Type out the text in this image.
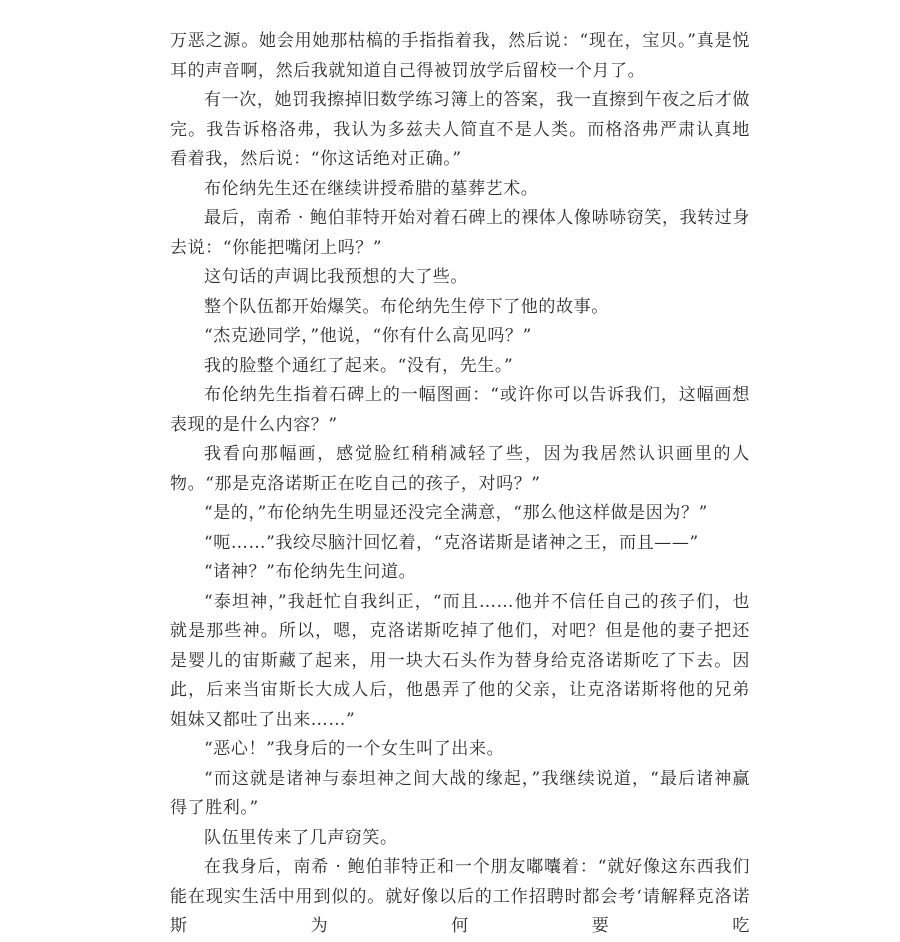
万恶之源。她会用她那枯槁的手指指着我，然后说：“现在，宝贝。”真是悦耳的声音啊，然后我就知道自己得被罚放学后留校一个月了。

有一次，她罚我擦掉旧数学练习簿上的答案，我一直擦到午夜之后才做完。我告诉格洛弗，我认为多兹夫人简直不是人类。而格洛弗严肃认真地看着我，然后说：“你这话绝对正确。”

布伦纳先生还在继续讲授希腊的墓葬艺术。

最后，南希 · 鲍伯菲特开始对着石碑上的裸体人像哧哧窃笑，我转过身去说：“你能把嘴闭上吗？”

这句话的声调比我预想的大了些。

整个队伍都开始爆笑。布伦纳先生停下了他的故事。

“杰克逊同学，”他说，“你有什么高见吗？”

我的脸整个通红了起来。“没有，先生。”

布伦纳先生指着石碑上的一幅图画：“或许你可以告诉我们，这幅画想表现的是什么内容？”

我看向那幅画，感觉脸红稍稍减轻了些，因为我居然认识画里的人物。“那是克洛诺斯正在吃自己的孩子，对吗？”

“是的，”布伦纳先生明显还没完全满意，“那么他这样做是因为？”

“呃……”我绞尽脑汁回忆着，“克洛诺斯是诸神之王，而且——”

“诸神？”布伦纳先生问道。

“泰坦神，”我赶忙自我纠正，“而且……他并不信任自己的孩子们，也就是那些神。所以，嗯，克洛诺斯吃掉了他们，对吧？但是他的妻子把还是婴儿的宙斯藏了起来，用一块大石头作为替身给克洛诺斯吃了下去。因此，后来当宙斯长大成人后，他愚弄了他的父亲，让克洛诺斯将他的兄弟姐妹又都吐了出来……”

“恶心！”我身后的一个女生叫了出来。

“而这就是诸神与泰坦神之间大战的缘起，”我继续说道，“最后诸神赢得了胜利。”

队伍里传来了几声窃笑。

在我身后，南希 · 鲍伯菲特正和一个朋友嘟囔着：“就好像这东西我们能在现实生活中用到似的。就好像以后的工作招聘时都会考‘请解释克洛诺斯为何要吃
